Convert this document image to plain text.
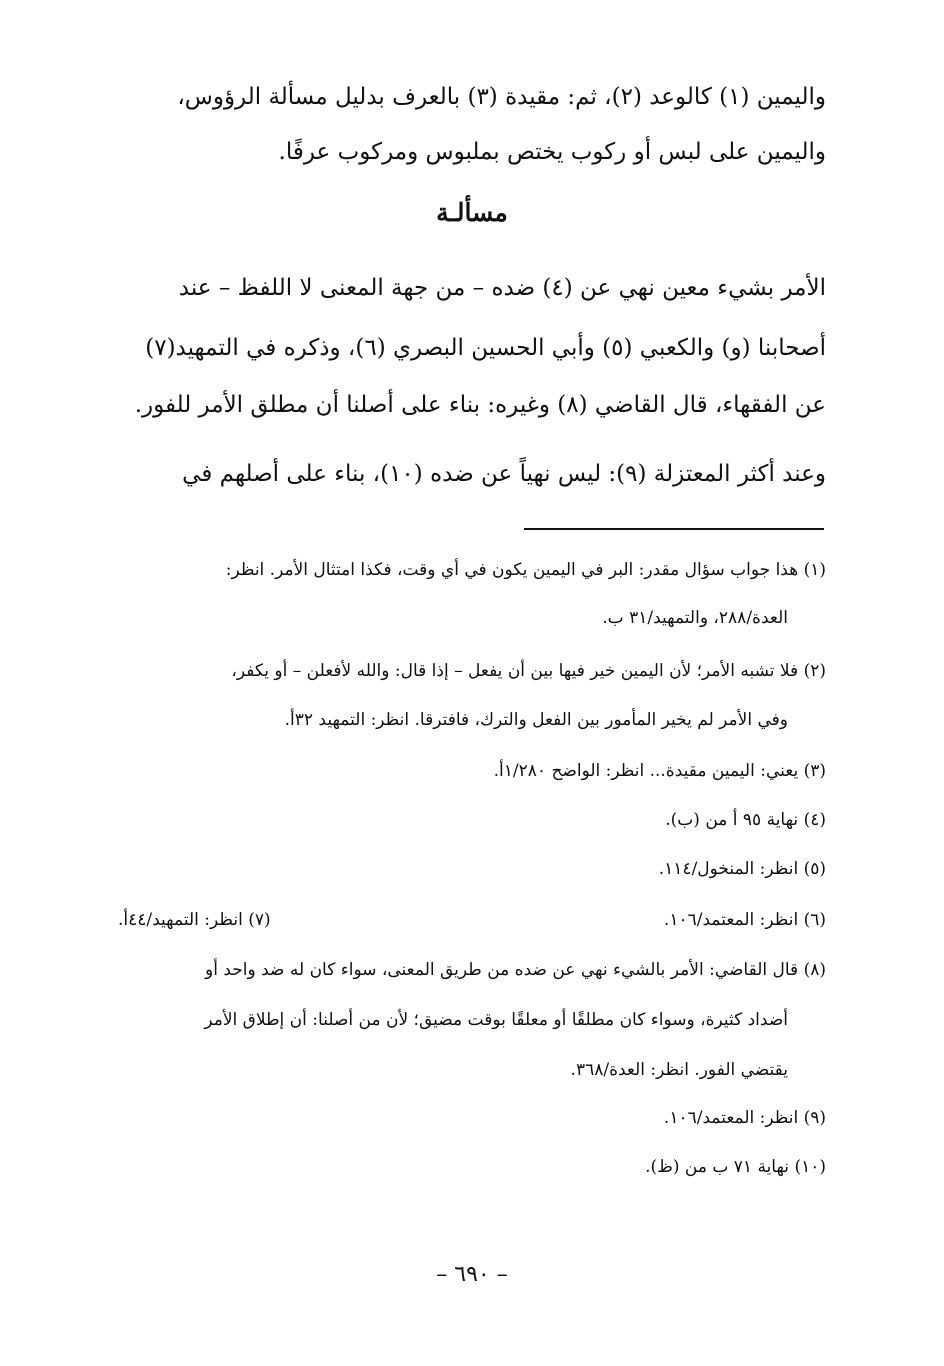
واليمين (١) كالوعد (٢)، ثم: مقيدة (٣) بالعرف بدليل مسألة الرؤوس،
واليمين على لبس أو ركوب يختص بملبوس ومركوب عرفًا.
مسألـة
الأمر بشيء معين نهي عن (٤) ضده – من جهة المعنى لا اللفظ – عند
أصحابنا (و) والكعبي (٥) وأبي الحسين البصري (٦)، وذكره في التمهيد(٧)
عن الفقهاء، قال القاضي (٨) وغيره: بناء على أصلنا أن مطلق الأمر للفور.
وعند أكثر المعتزلة (٩): ليس نهياً عن ضده (١٠)، بناء على أصلهم في
(١) هذا جواب سؤال مقدر: البر في اليمين يكون في أي وقت، فكذا امتثال الأمر. انظر:
العدة/٢٨٨، والتمهيد/٣١ ب.
(٢) فلا تشبه الأمر؛ لأن اليمين خير فيها بين أن يفعل – إذا قال: والله لأفعلن – أو يكفر،
وفي الأمر لم يخير المأمور بين الفعل والترك، فافترقا. انظر: التمهيد ٣٢أ.
(٣) يعني: اليمين مقيدة... انظر: الواضح ١/٢٨٠أ.
(٤) نهاية ٩٥ أ من (ب).
(٥) انظر: المنخول/١١٤.
(٦) انظر: المعتمد/١٠٦.
(٧) انظر: التمهيد/٤٤أ.
(٨) قال القاضي: الأمر بالشيء نهي عن ضده من طريق المعنى، سواء كان له ضد واحد أو
أضداد كثيرة، وسواء كان مطلقًا أو معلقًا بوقت مضيق؛ لأن من أصلنا: أن إطلاق الأمر
يقتضي الفور. انظر: العدة/٣٦٨.
(٩) انظر: المعتمد/١٠٦.
(١٠) نهاية ٧١ ب من (ظ).
– ٦٩٠ –
